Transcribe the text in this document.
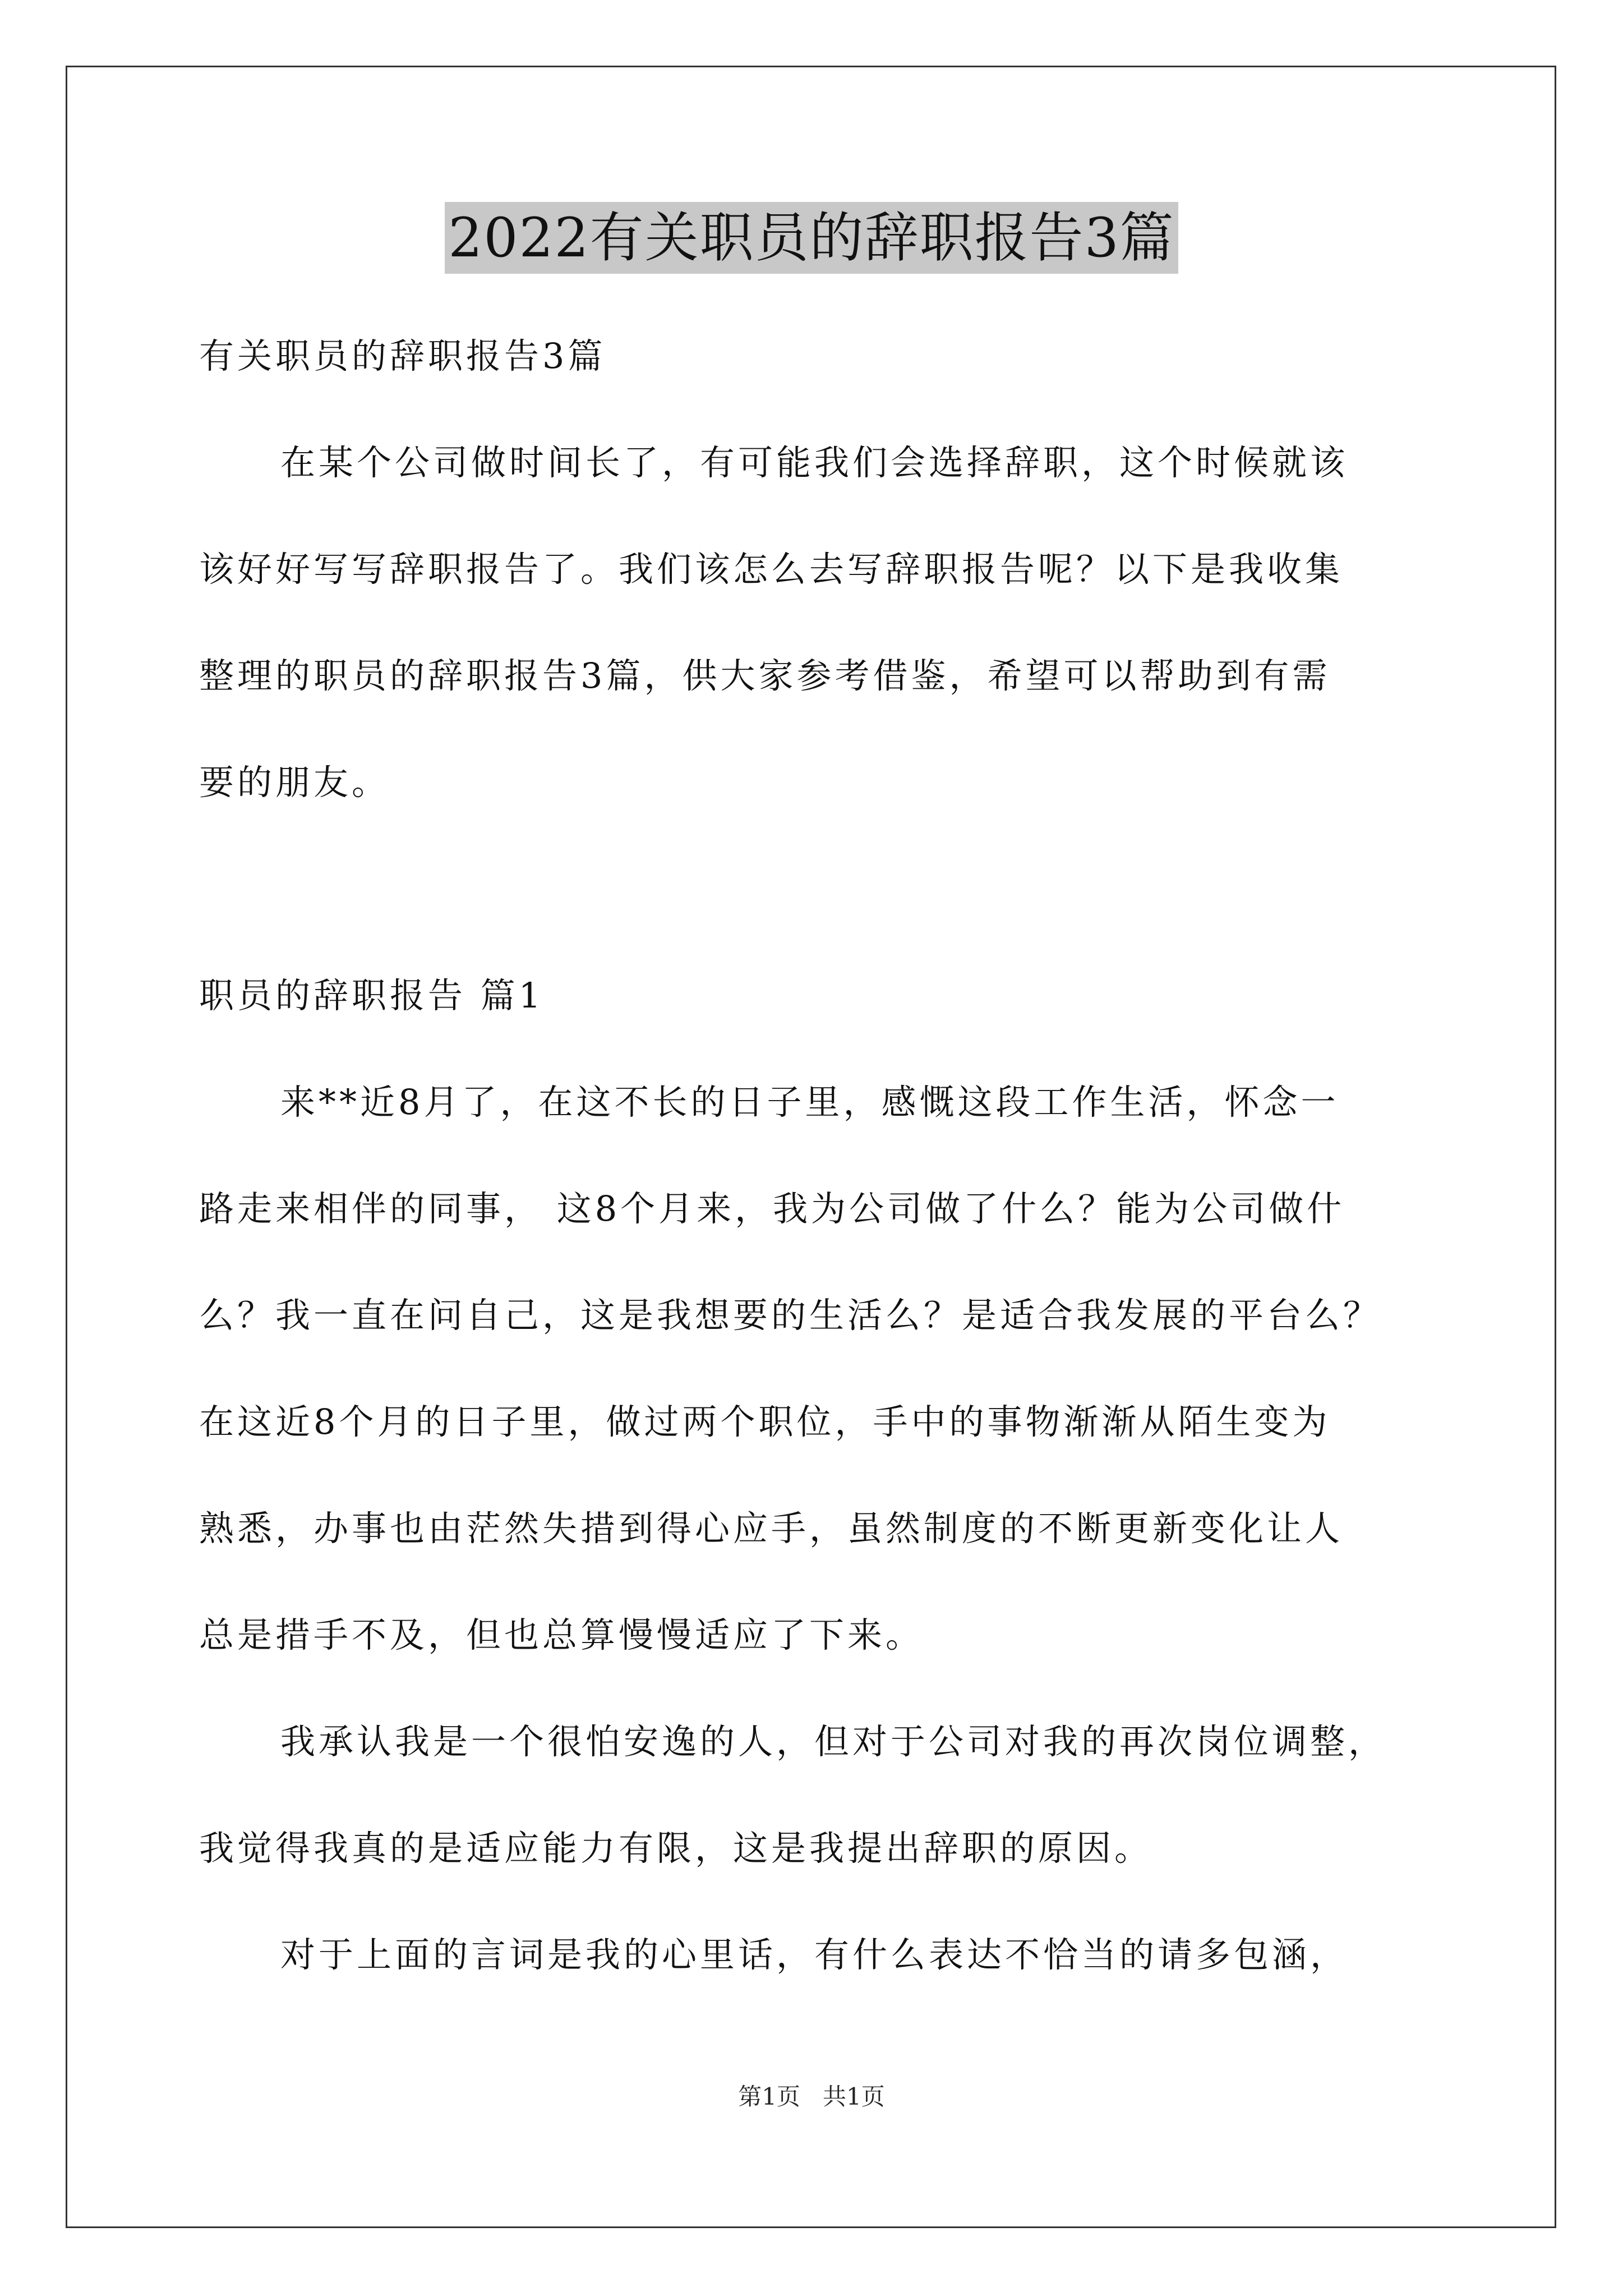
2022有关职员的辞职报告3篇
有关职员的辞职报告3篇
在某个公司做时间长了，有可能我们会选择辞职，这个时候就该
该好好写写辞职报告了。我们该怎么去写辞职报告呢？以下是我收集
整理的职员的辞职报告3篇，供大家参考借鉴，希望可以帮助到有需
要的朋友。
职员的辞职报告 篇1
来**近8月了，在这不长的日子里，感慨这段工作生活，怀念一
路走来相伴的同事， 这8个月来，我为公司做了什么？能为公司做什
么？我一直在问自己，这是我想要的生活么？是适合我发展的平台么？
在这近8个月的日子里，做过两个职位，手中的事物渐渐从陌生变为
熟悉，办事也由茫然失措到得心应手，虽然制度的不断更新变化让人
总是措手不及，但也总算慢慢适应了下来。
我承认我是一个很怕安逸的人，但对于公司对我的再次岗位调整，
我觉得我真的是适应能力有限，这是我提出辞职的原因。
对于上面的言词是我的心里话，有什么表达不恰当的请多包涵，
第1页 共1页
